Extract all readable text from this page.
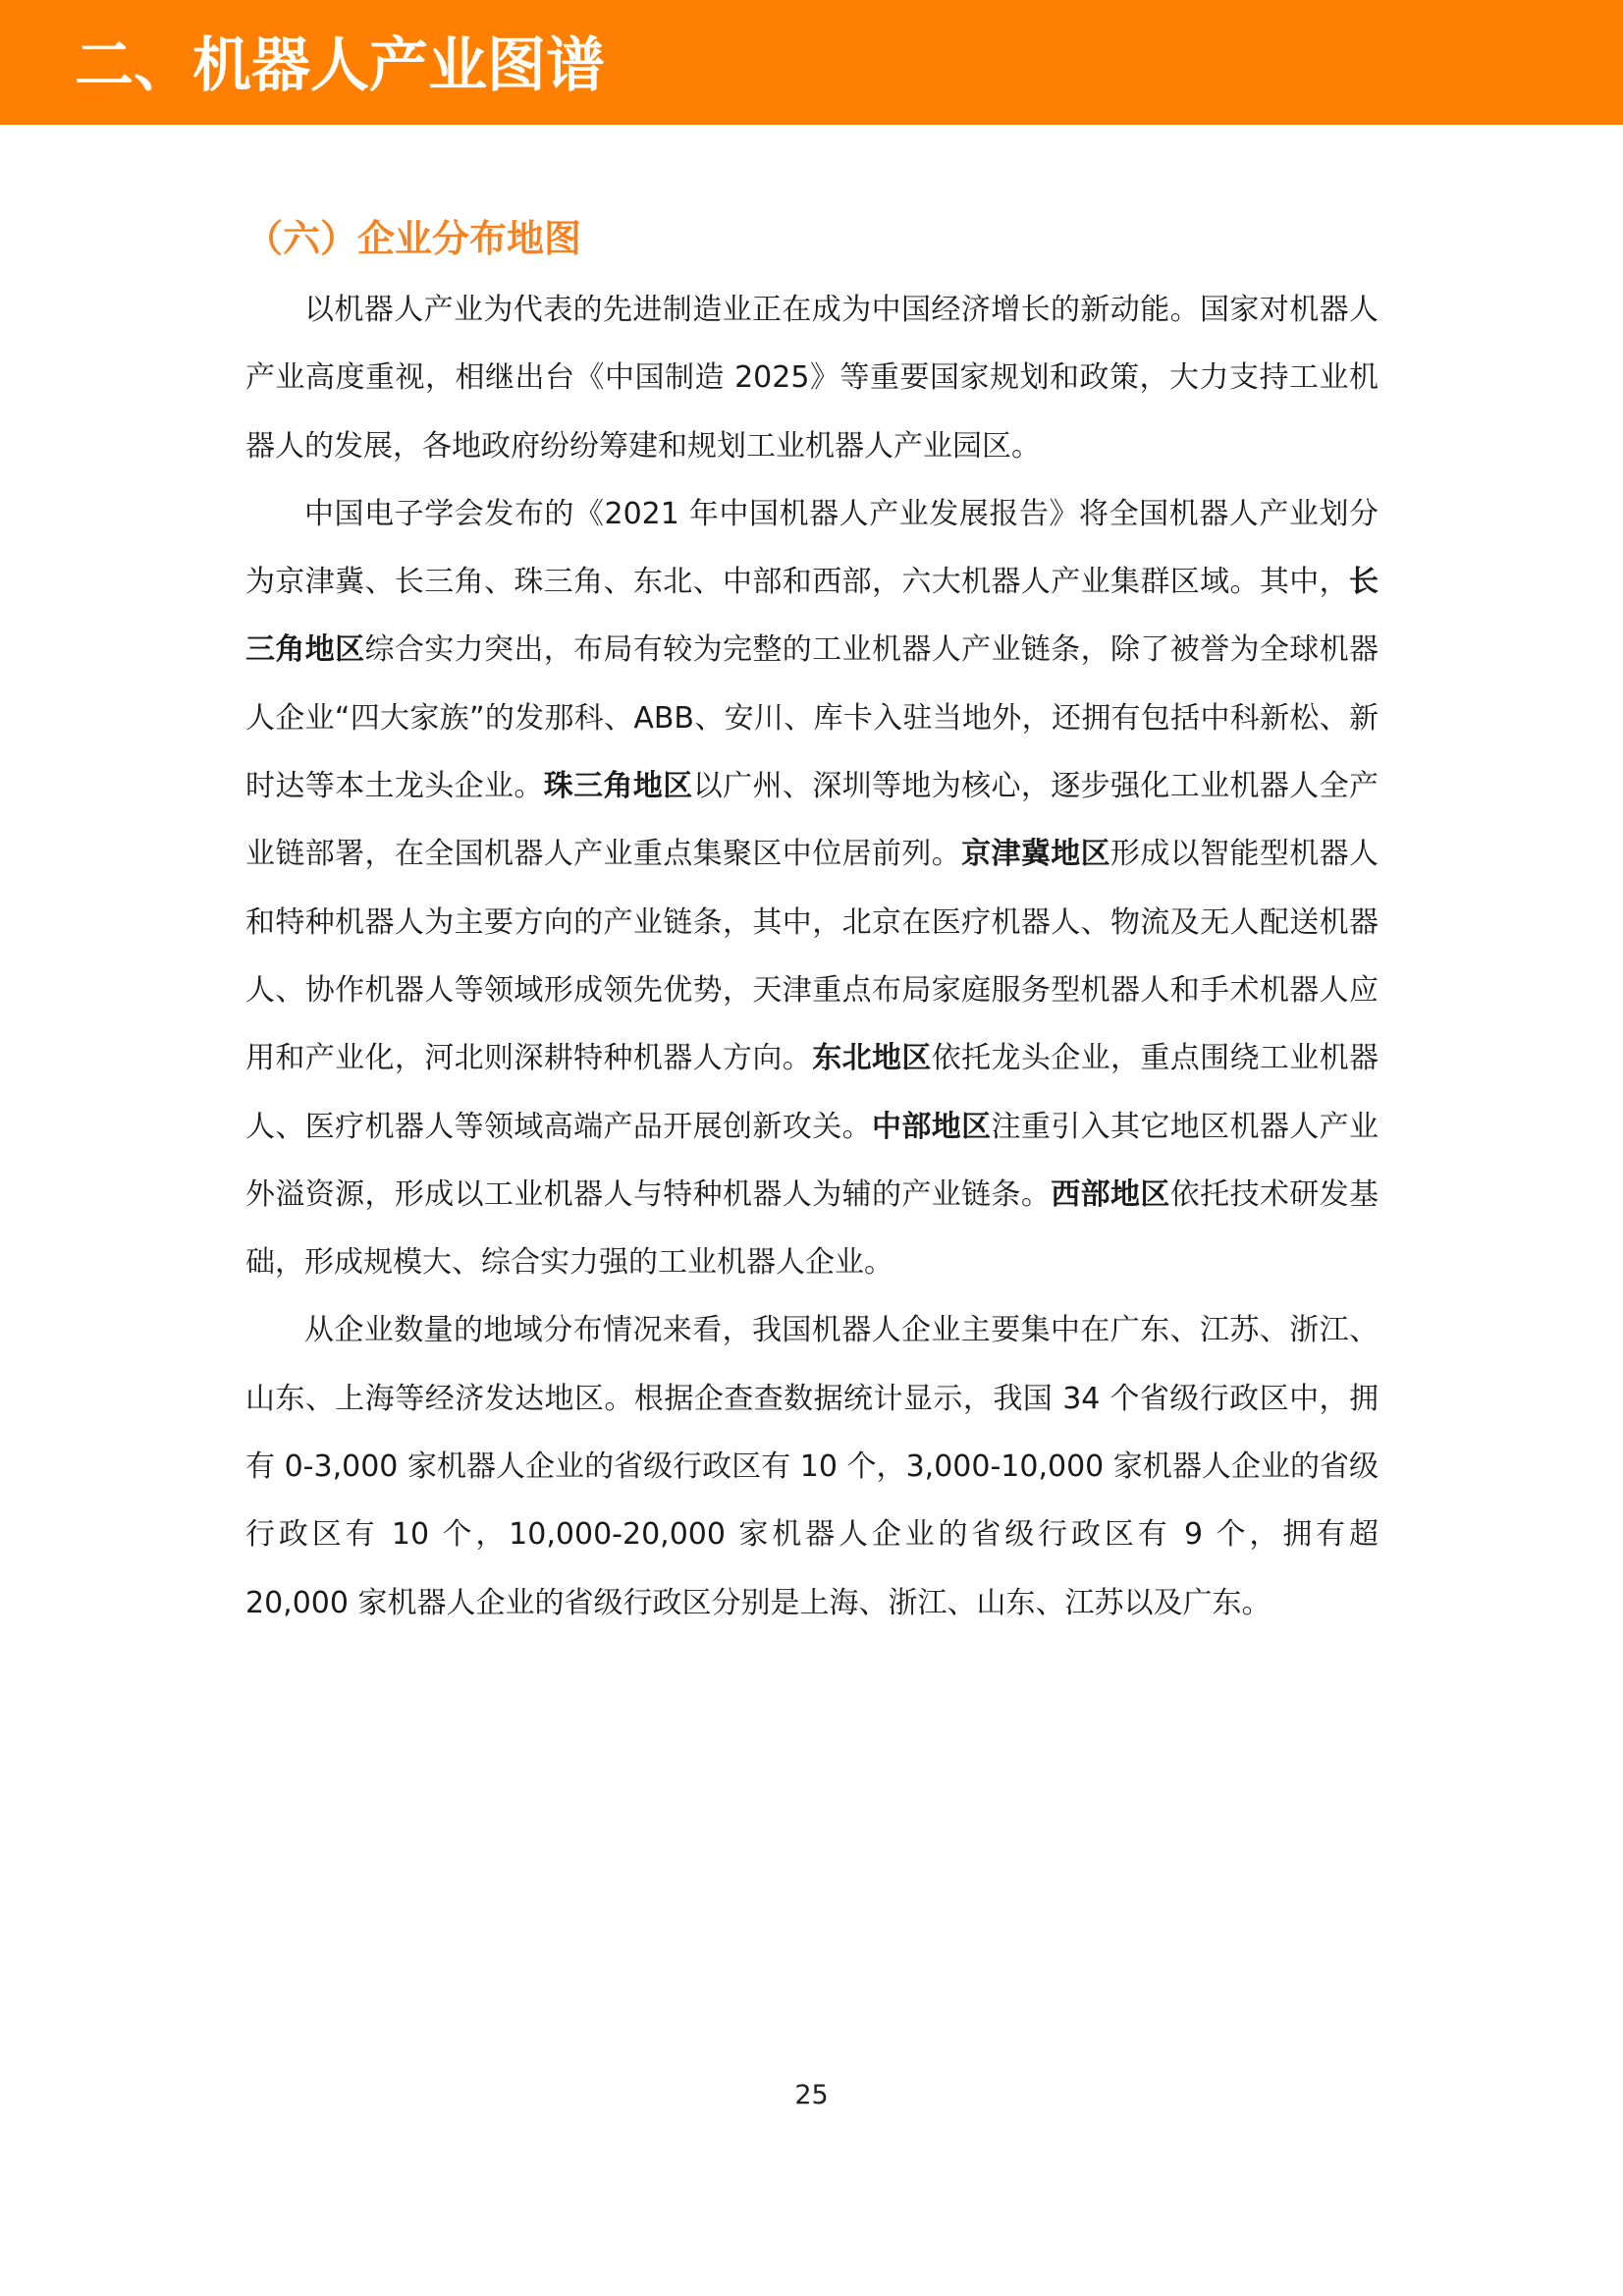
二、机器人产业图谱
（六）企业分布地图

以机器人产业为代表的先进制造业正在成为中国经济增长的新动能。国家对机器人产业高度重视，相继出台《中国制造 2025》等重要国家规划和政策，大力支持工业机器人的发展，各地政府纷纷筹建和规划工业机器人产业园区。

中国电子学会发布的《2021 年中国机器人产业发展报告》将全国机器人产业划分为京津冀、长三角、珠三角、东北、中部和西部，六大机器人产业集群区域。其中，长三角地区综合实力突出，布局有较为完整的工业机器人产业链条，除了被誉为全球机器人企业“四大家族”的发那科、ABB、安川、库卡入驻当地外，还拥有包括中科新松、新时达等本土龙头企业。珠三角地区以广州、深圳等地为核心，逐步强化工业机器人全产业链部署，在全国机器人产业重点集聚区中位居前列。京津冀地区形成以智能型机器人和特种机器人为主要方向的产业链条，其中，北京在医疗机器人、物流及无人配送机器人、协作机器人等领域形成领先优势，天津重点布局家庭服务型机器人和手术机器人应用和产业化，河北则深耕特种机器人方向。东北地区依托龙头企业，重点围绕工业机器人、医疗机器人等领域高端产品开展创新攻关。中部地区注重引入其它地区机器人产业外溢资源，形成以工业机器人与特种机器人为辅的产业链条。西部地区依托技术研发基础，形成规模大、综合实力强的工业机器人企业。

从企业数量的地域分布情况来看，我国机器人企业主要集中在广东、江苏、浙江、山东、上海等经济发达地区。根据企查查数据统计显示，我国 34 个省级行政区中，拥有 0-3,000 家机器人企业的省级行政区有 10 个，3,000-10,000 家机器人企业的省级行政区有 10 个，10,000-20,000 家机器人企业的省级行政区有 9 个，拥有超 20,000 家机器人企业的省级行政区分别是上海、浙江、山东、江苏以及广东。

25
